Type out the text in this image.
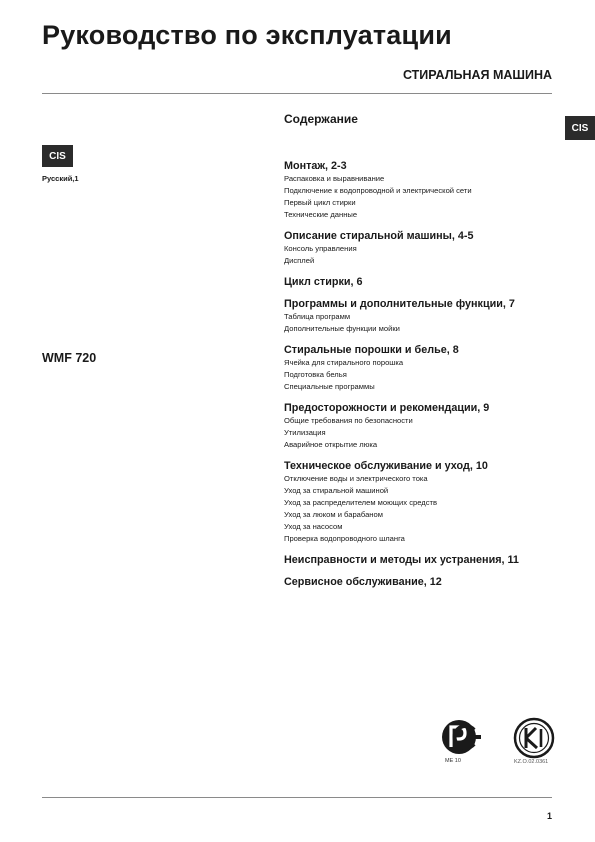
Руководство по эксплуатации
СТИРАЛЬНАЯ МАШИНА
CIS
CIS
Русский,1
WMF 720
Содержание
Монтаж, 2-3
Распаковка и выравнивание
Подключение к водопроводной и электрической сети
Первый цикл стирки
Технические данные
Описание стиральной машины, 4-5
Консоль управления
Дисплей
Цикл стирки, 6
Программы и дополнительные функции, 7
Таблица программ
Дополнительные функции мойки
Стиральные порошки и белье, 8
Ячейка для стирального порошка
Подготовка белья
Специальные программы
Предосторожности и рекомендации, 9
Общие требования по безопасности
Утилизация
Аварийное открытие люка
Техническое обслуживание и уход, 10
Отключение воды и электрического тока
Уход за стиральной машиной
Уход за распределителем моющих средств
Уход за люком и барабаном
Уход за насосом
Проверка водопроводного шланга
Неисправности и методы их устранения, 11
Сервисное обслуживание, 12
ME 10	KZ.O.02.0361
1
